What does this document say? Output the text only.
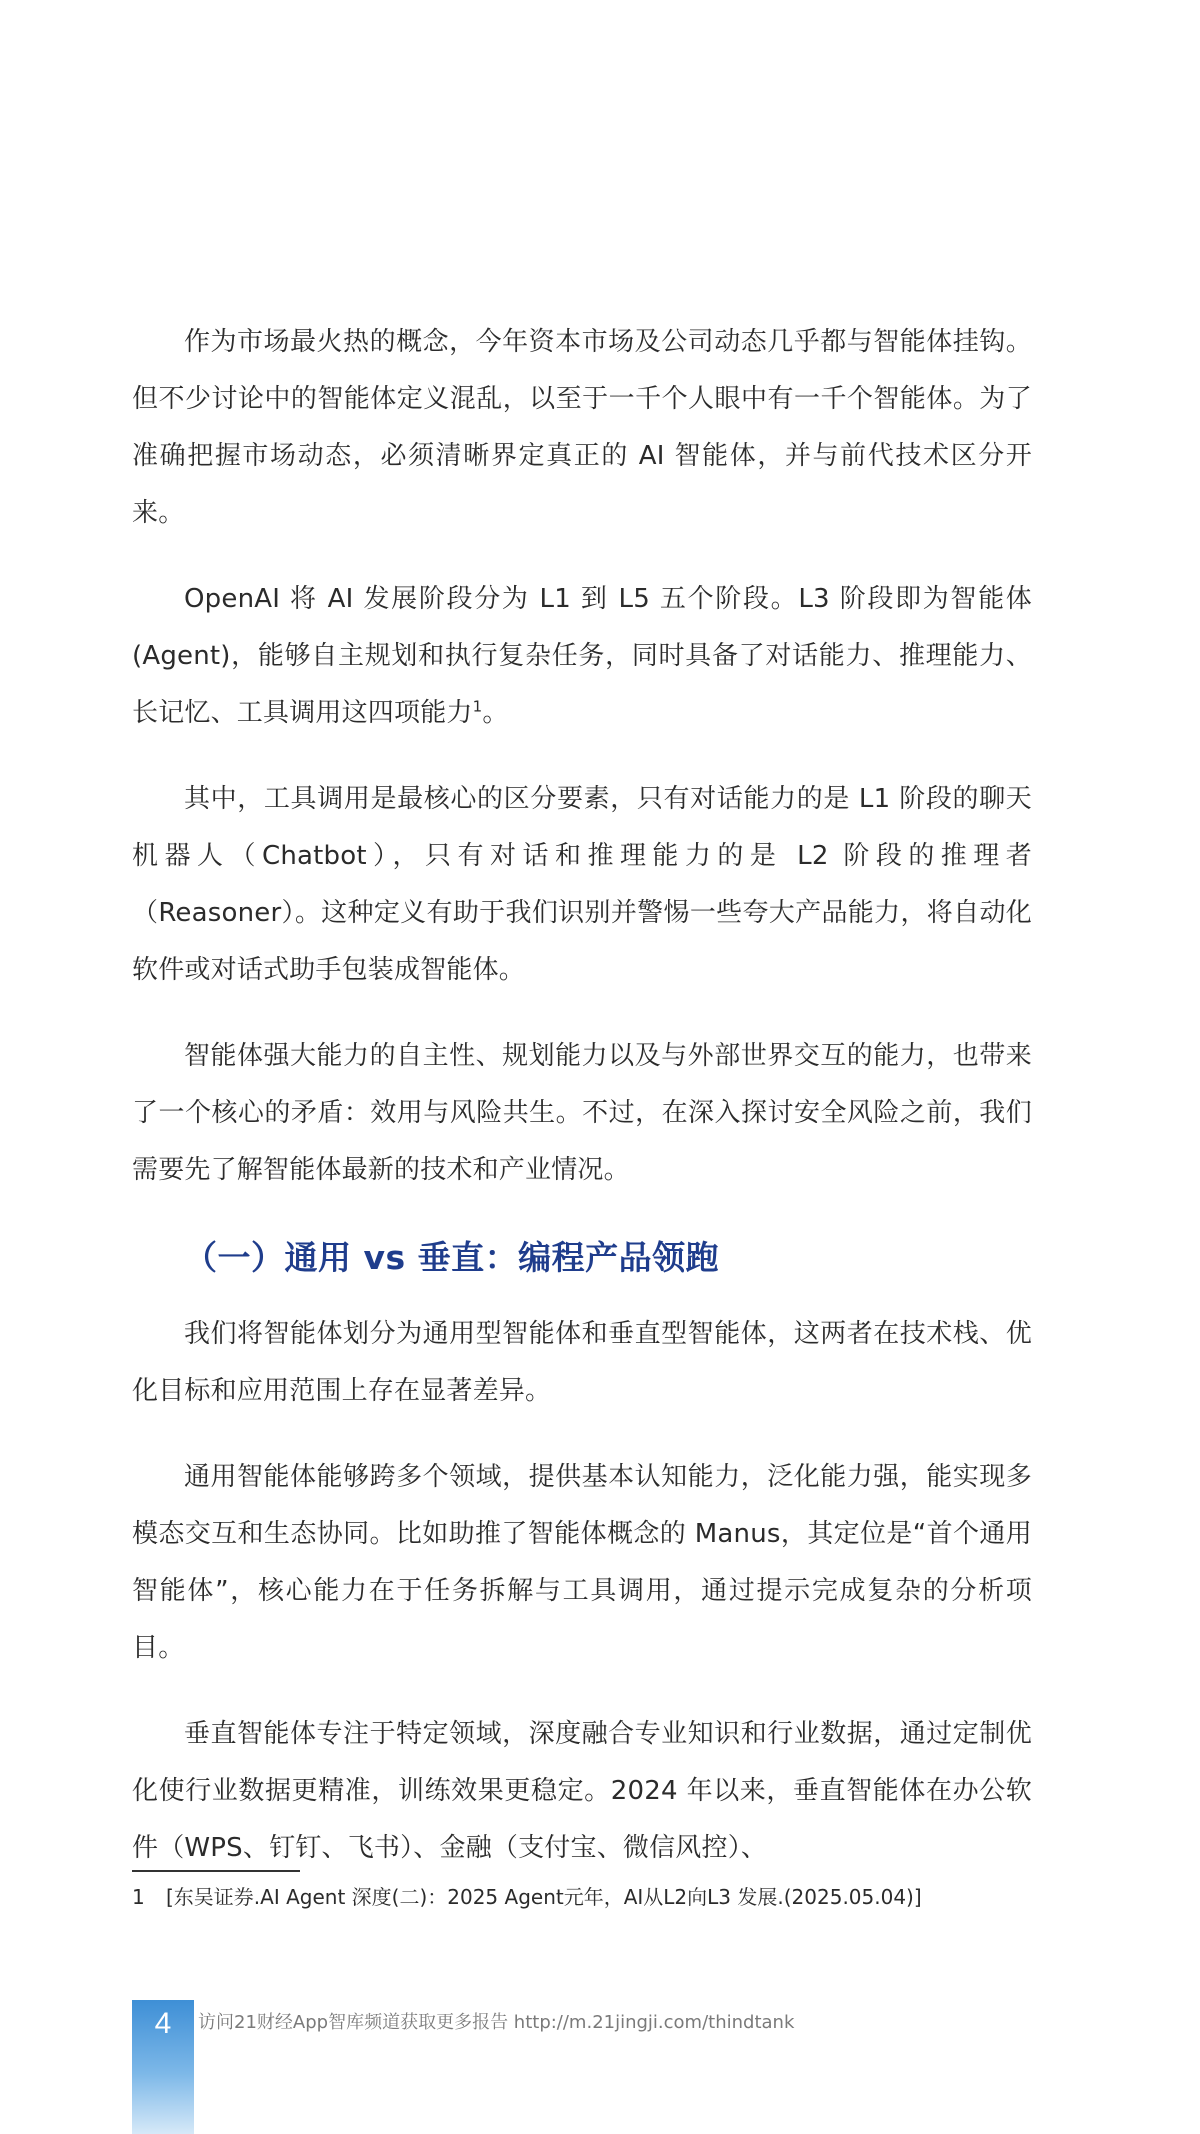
作为市场最火热的概念，今年资本市场及公司动态几乎都与智能体挂钩。但不少讨论中的智能体定义混乱，以至于一千个人眼中有一千个智能体。为了准确把握市场动态，必须清晰界定真正的 AI 智能体，并与前代技术区分开来。

OpenAI 将 AI 发展阶段分为 L1 到 L5 五个阶段。L3 阶段即为智能体 (Agent)，能够自主规划和执行复杂任务，同时具备了对话能力、推理能力、长记忆、工具调用这四项能力$^1$。

其中，工具调用是最核心的区分要素，只有对话能力的是 L1 阶段的聊天机器人（Chatbot），只有对话和推理能力的是 L2 阶段的推理者（Reasoner）。这种定义有助于我们识别并警惕一些夸大产品能力，将自动化软件或对话式助手包装成智能体。

智能体强大能力的自主性、规划能力以及与外部世界交互的能力，也带来了一个核心的矛盾：效用与风险共生。不过，在深入探讨安全风险之前，我们需要先了解智能体最新的技术和产业情况。

（一）通用 vs 垂直：编程产品领跑

我们将智能体划分为通用型智能体和垂直型智能体，这两者在技术栈、优化目标和应用范围上存在显著差异。

通用智能体能够跨多个领域，提供基本认知能力，泛化能力强，能实现多模态交互和生态协同。比如助推了智能体概念的 Manus，其定位是“首个通用智能体”，核心能力在于任务拆解与工具调用，通过提示完成复杂的分析项目。

垂直智能体专注于特定领域，深度融合专业知识和行业数据，通过定制优化使行业数据更精准，训练效果更稳定。2024 年以来，垂直智能体在办公软件（WPS、钉钉、飞书）、金融（支付宝、微信风控）、

1 [东吴证券.AI Agent 深度(二)：2025 Agent元年，AI从L2向L3 发展.(2025.05.04)]
4	访问21财经App智库频道获取更多报告 http://m.21jingji.com/thindtank
